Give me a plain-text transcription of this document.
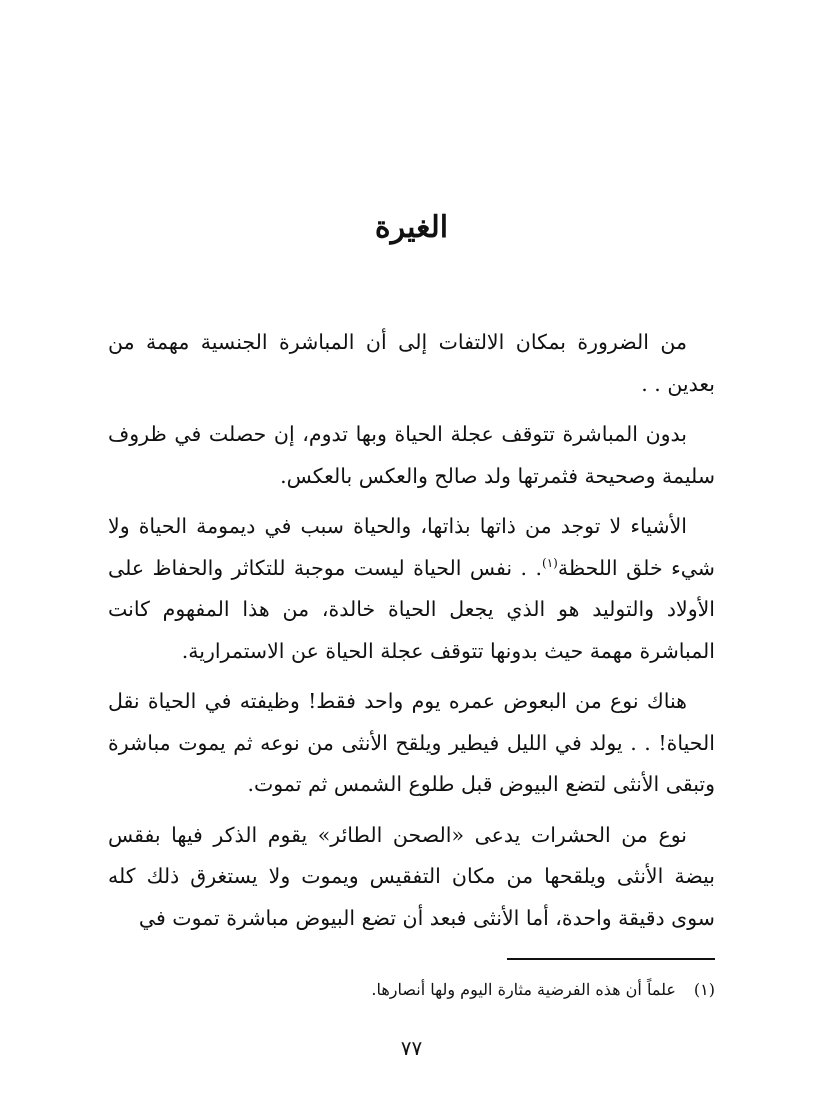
الغيرة

من الضرورة بمكان الالتفات إلى أن المباشرة الجنسية مهمة من بعدين . .

بدون المباشرة تتوقف عجلة الحياة وبها تدوم، إن حصلت في ظروف سليمة وصحيحة فثمرتها ولد صالح والعكس بالعكس.

الأشياء لا توجد من ذاتها بذاتها، والحياة سبب في ديمومة الحياة ولا شيء خلق اللحظة$^{(١)}$. . نفس الحياة ليست موجبة للتكاثر والحفاظ على الأولاد والتوليد هو الذي يجعل الحياة خالدة، من هذا المفهوم كانت المباشرة مهمة حيث بدونها تتوقف عجلة الحياة عن الاستمرارية.

هناك نوع من البعوض عمره يوم واحد فقط! وظيفته في الحياة نقل الحياة! . . يولد في الليل فيطير ويلقح الأنثى من نوعه ثم يموت مباشرة وتبقى الأنثى لتضع البيوض قبل طلوع الشمس ثم تموت.

نوع من الحشرات يدعى «الصحن الطائر» يقوم الذكر فيها بفقس بيضة الأنثى ويلقحها من مكان التفقيس ويموت ولا يستغرق ذلك كله سوى دقيقة واحدة، أما الأنثى فبعد أن تضع البيوض مباشرة تموت في

(١)علماً أن هذه الفرضية مثارة اليوم ولها أنصارها.

٧٧
